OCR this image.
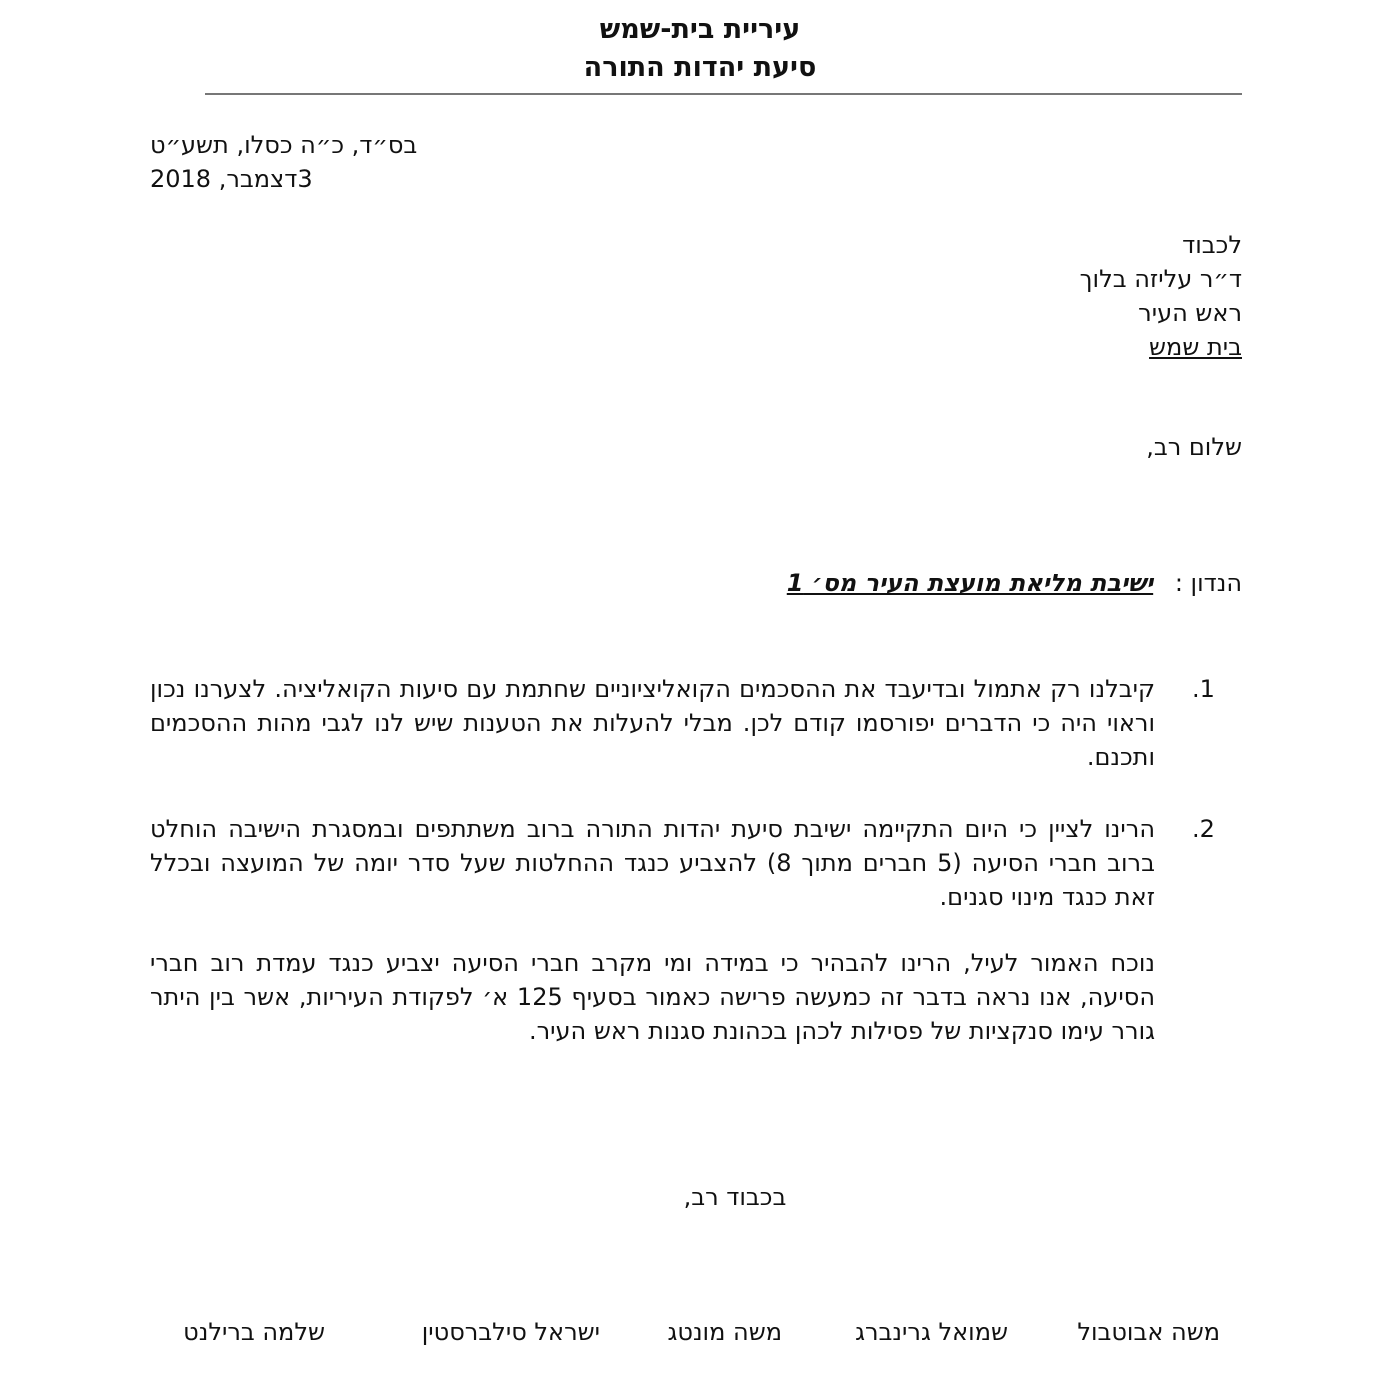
עיריית בית-שמש
סיעת יהדות התורה
בס״ד, כ״ה כסלו, תשע״ט
3דצמבר, 2018
לכבוד
ד״ר עליזה בלוך
ראש העיר
בית שמש
שלום רב,
הנדון : ישיבת מליאת מועצת העיר מס׳ 1
1.
קיבלנו רק אתמול ובדיעבד את ההסכמים הקואליציוניים שחתמת עם סיעות הקואליציה. לצערנו נכון וראוי היה כי הדברים יפורסמו קודם לכן. מבלי להעלות את הטענות שיש לנו לגבי מהות ההסכמים ותכנם.
2.
הרינו לציין כי היום התקיימה ישיבת סיעת יהדות התורה ברוב משתתפים ובמסגרת הישיבה הוחלט ברוב חברי הסיעה (5 חברים מתוך 8) להצביע כנגד ההחלטות שעל סדר יומה של המועצה ובכלל זאת כנגד מינוי סגנים.
נוכח האמור לעיל, הרינו להבהיר כי במידה ומי מקרב חברי הסיעה יצביע כנגד עמדת רוב חברי הסיעה, אנו נראה בדבר זה כמעשה פרישה כאמור בסעיף 125 א׳ לפקודת העיריות, אשר בין היתר גורר עימו סנקציות של פסילות לכהן בכהונת סגנות ראש העיר.
בכבוד רב,
משה אבוטבול
שמואל גרינברג
משה מונטג
ישראל סילברסטין
שלמה ברילנט
